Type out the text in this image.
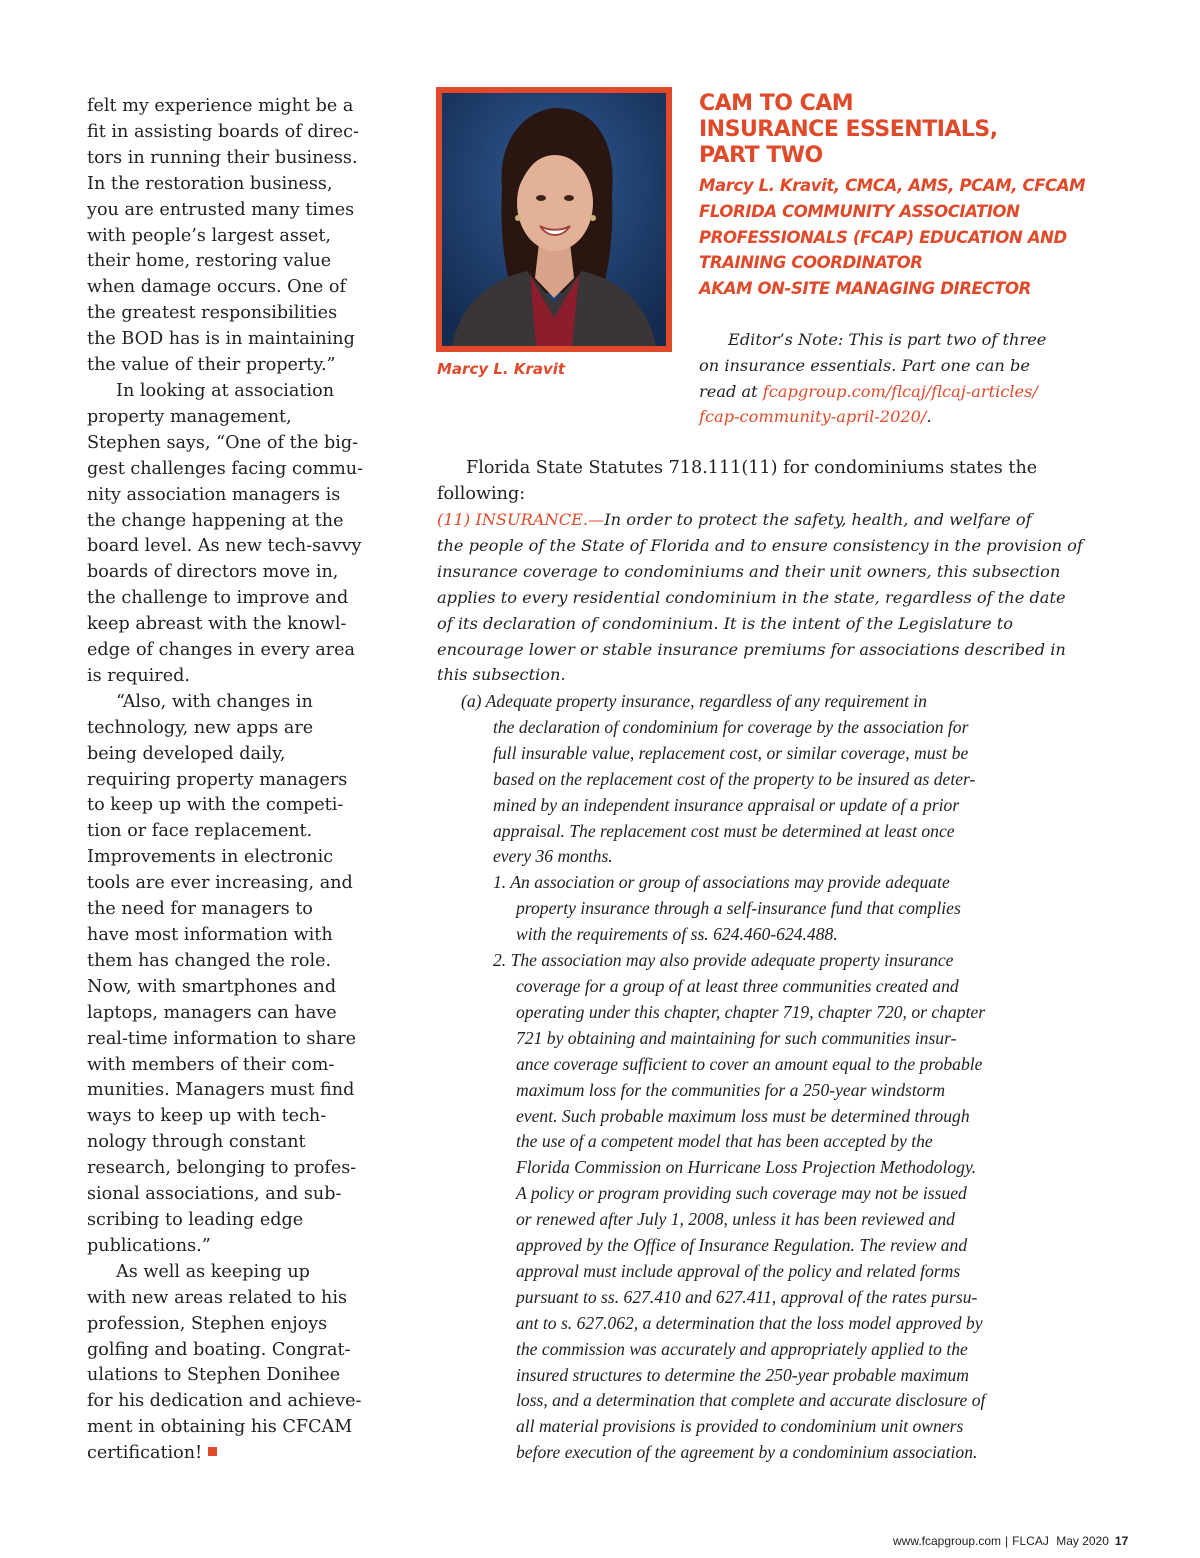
felt my experience might be a
fit in assisting boards of direc-
tors in running their business.
In the restoration business,
you are entrusted many times
with people’s largest asset,
their home, restoring value
when damage occurs. One of
the greatest responsibilities
the BOD has is in maintaining
the value of their property.”

In looking at association
property management,
Stephen says, “One of the big-
gest challenges facing commu-
nity association managers is
the change happening at the
board level. As new tech-savvy
boards of directors move in,
the challenge to improve and
keep abreast with the knowl-
edge of changes in every area
is required.

“Also, with changes in
technology, new apps are
being developed daily,
requiring property managers
to keep up with the competi-
tion or face replacement.
Improvements in electronic
tools are ever increasing, and
the need for managers to
have most information with
them has changed the role.
Now, with smartphones and
laptops, managers can have
real-time information to share
with members of their com-
munities. Managers must find
ways to keep up with tech-
nology through constant
research, belonging to profes-
sional associations, and sub-
scribing to leading edge
publications.”

As well as keeping up
with new areas related to his
profession, Stephen enjoys
golfing and boating. Congrat-
ulations to Stephen Donihee
for his dedication and achieve-
ment in obtaining his CFCAM
certification!

Marcy L. Kravit
CAM TO CAM
INSURANCE ESSENTIALS,
PART TWO
Marcy L. Kravit, CMCA, AMS, PCAM, CFCAM
FLORIDA COMMUNITY ASSOCIATION
PROFESSIONALS (FCAP) EDUCATION AND
TRAINING COORDINATOR
AKAM ON-SITE MANAGING DIRECTOR
Editor’s Note: This is part two of three
on insurance essentials. Part one can be
read at fcapgroup.com/flcaj/flcaj-articles/
fcap-community-april-2020/.
Florida State Statutes 718.111(11) for condominiums states the
following:
(11) INSURANCE.—In order to protect the safety, health, and welfare of
the people of the State of Florida and to ensure consistency in the provision of
insurance coverage to condominiums and their unit owners, this subsection
applies to every residential condominium in the state, regardless of the date
of its declaration of condominium. It is the intent of the Legislature to
encourage lower or stable insurance premiums for associations described in
this subsection.
(a) Adequate property insurance, regardless of any requirement in
the declaration of condominium for coverage by the association for
full insurable value, replacement cost, or similar coverage, must be
based on the replacement cost of the property to be insured as deter-
mined by an independent insurance appraisal or update of a prior
appraisal. The replacement cost must be determined at least once
every 36 months.
1. An association or group of associations may provide adequate
property insurance through a self-insurance fund that complies
with the requirements of ss. 624.460-624.488.
2. The association may also provide adequate property insurance
coverage for a group of at least three communities created and
operating under this chapter, chapter 719, chapter 720, or chapter
721 by obtaining and maintaining for such communities insur-
ance coverage sufficient to cover an amount equal to the probable
maximum loss for the communities for a 250-year windstorm
event. Such probable maximum loss must be determined through
the use of a competent model that has been accepted by the
Florida Commission on Hurricane Loss Projection Methodology.
A policy or program providing such coverage may not be issued
or renewed after July 1, 2008, unless it has been reviewed and
approved by the Office of Insurance Regulation. The review and
approval must include approval of the policy and related forms
pursuant to ss. 627.410 and 627.411, approval of the rates pursu-
ant to s. 627.062, a determination that the loss model approved by
the commission was accurately and appropriately applied to the
insured structures to determine the 250-year probable maximum
loss, and a determination that complete and accurate disclosure of
all material provisions is provided to condominium unit owners
before execution of the agreement by a condominium association.
www.fcapgroup.com | FLCAJ May 2020 17
